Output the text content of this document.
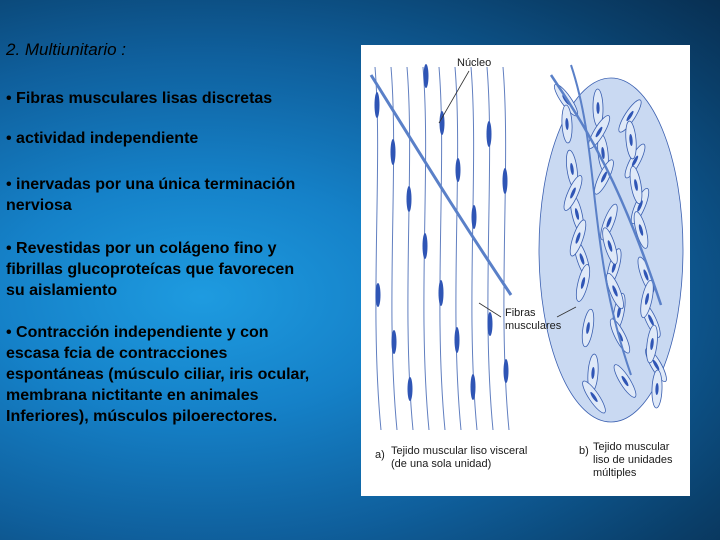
2. Multiunitario :
• Fibras musculares lisas discretas
• actividad independiente
• inervadas por una única terminación
nerviosa
• Revestidas por un colágeno fino y
fibrillas glucoproteícas que favorecen
su aislamiento
• Contracción independiente y con
escasa fcia de contracciones
espontáneas (músculo ciliar, iris ocular,
membrana nictitante en animales
Inferiores), músculos piloerectores.
Núcleo
Fibras
musculares
a) Tejido muscular liso visceral
(de una sola unidad)
b) Tejido muscular
liso de unidades
múltiples
